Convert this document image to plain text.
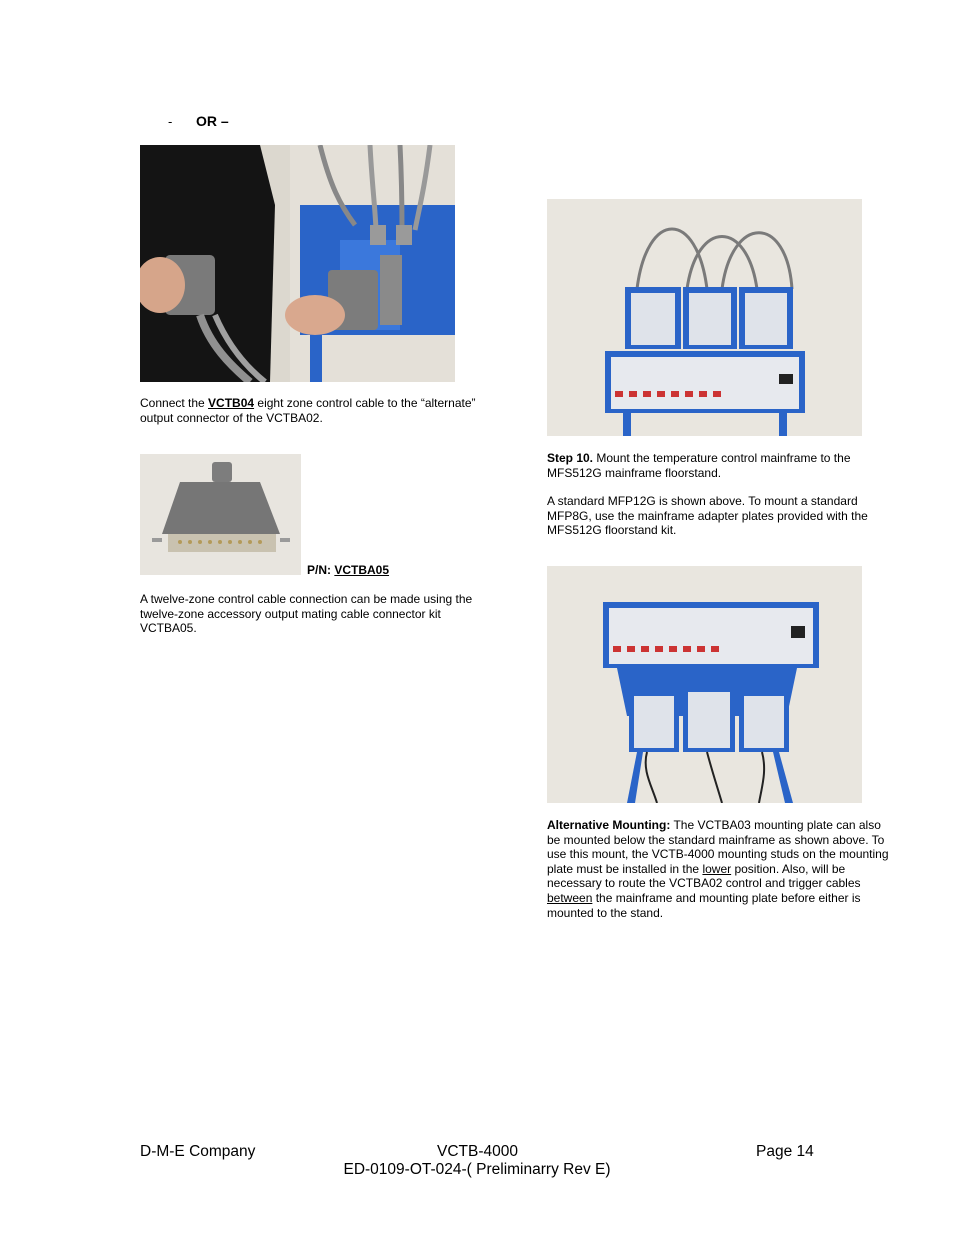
- OR –
Connect the VCTB04 eight zone control cable to the “alternate” output connector of the VCTBA02.
P/N: VCTBA05
A twelve-zone control cable connection can be made using the twelve-zone accessory output mating cable connector kit VCTBA05.
Step 10. Mount the temperature control mainframe to the MFS512G mainframe floorstand.
A standard MFP12G is shown above. To mount a standard MFP8G, use the mainframe adapter plates provided with the MFS512G floorstand kit.
Alternative Mounting: The VCTBA03 mounting plate can also be mounted below the standard mainframe as shown above. To use this mount, the VCTB-4000 mounting studs on the mounting plate must be installed in the lower position. Also, will be necessary to route the VCTBA02 control and trigger cables between the mainframe and mounting plate before either is mounted to the stand.
D-M-E Company	VCTB-4000	Page 14
ED-0109-OT-024-( Preliminarry Rev E)
